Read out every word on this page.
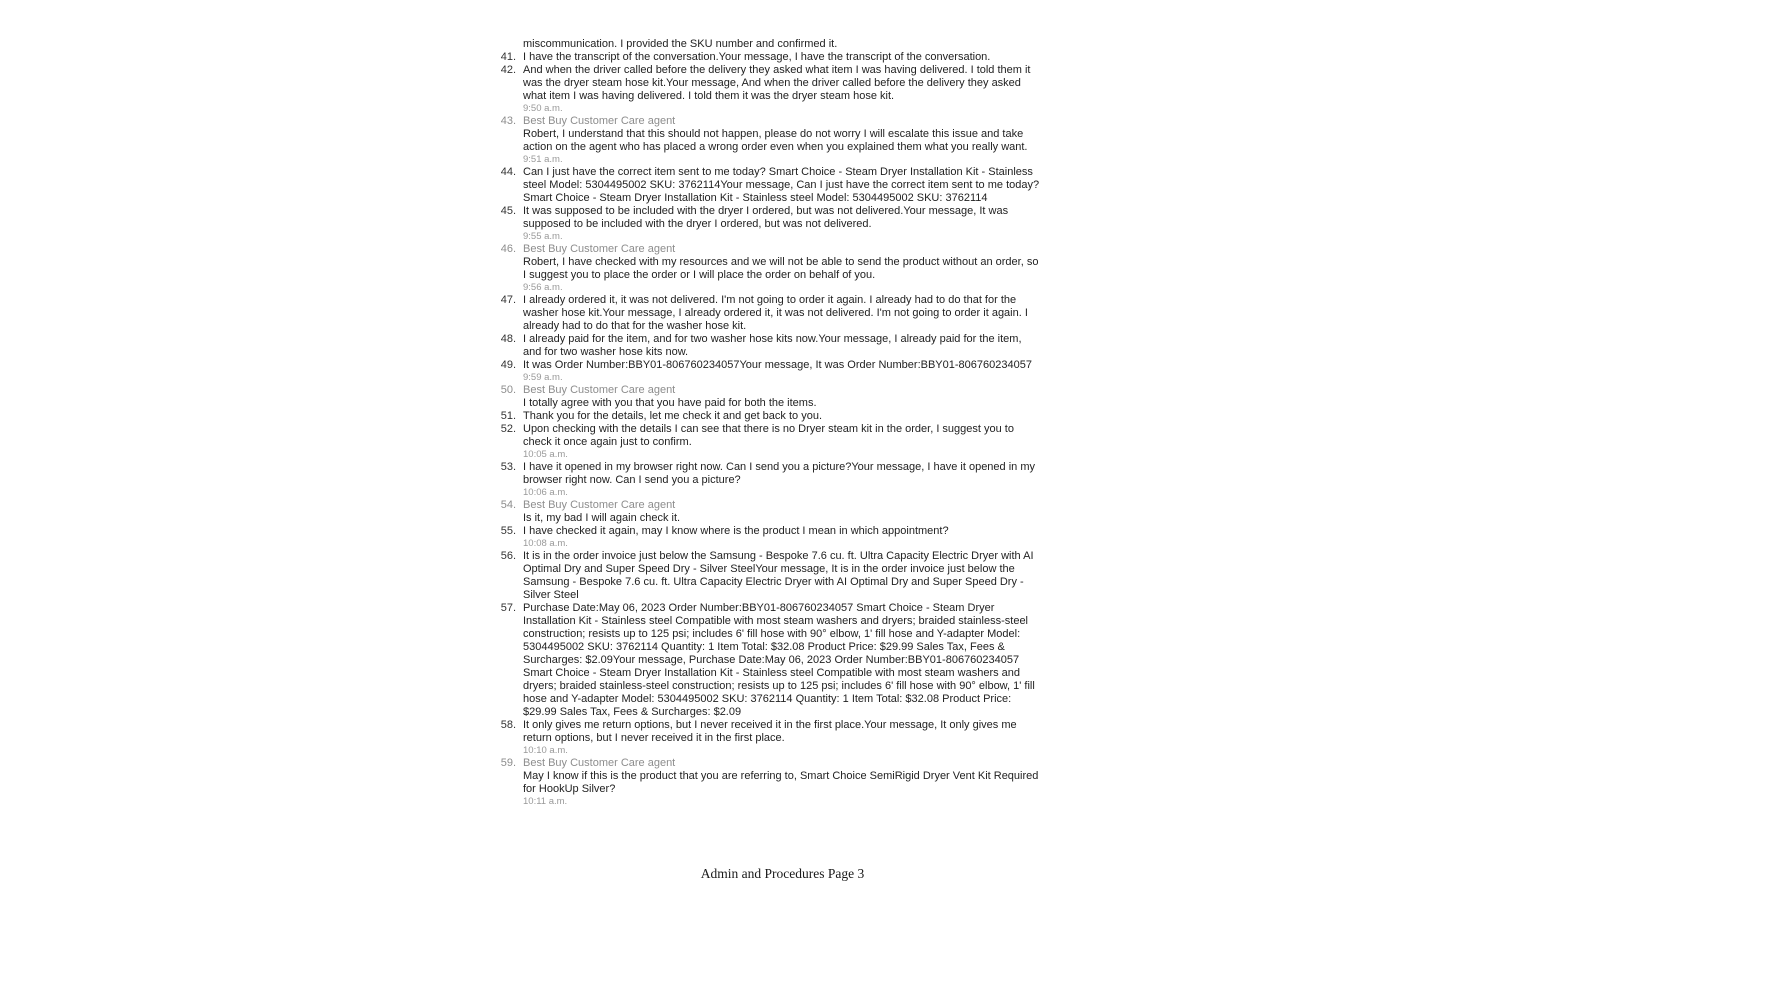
miscommunication. I provided the SKU number and confirmed it.

41. I have the transcript of the conversation.Your message, I have the transcript of the conversation.
42. And when the driver called before the delivery they asked what item I was having delivered. I told them it was the dryer steam hose kit.Your message, And when the driver called before the delivery they asked what item I was having delivered. I told them it was the dryer steam hose kit.
9:50 a.m.
43. Best Buy Customer Care agent
Robert, I understand that this should not happen, please do not worry I will escalate this issue and take action on the agent who has placed a wrong order even when you explained them what you really want.
9:51 a.m.
44. Can I just have the correct item sent to me today? Smart Choice - Steam Dryer Installation Kit - Stainless steel Model: 5304495002 SKU: 3762114Your message, Can I just have the correct item sent to me today? Smart Choice - Steam Dryer Installation Kit - Stainless steel Model: 5304495002 SKU: 3762114
45. It was supposed to be included with the dryer I ordered, but was not delivered.Your message, It was supposed to be included with the dryer I ordered, but was not delivered.
9:55 a.m.
46. Best Buy Customer Care agent
Robert, I have checked with my resources and we will not be able to send the product without an order, so I suggest you to place the order or I will place the order on behalf of you.
9:56 a.m.
47. I already ordered it, it was not delivered. I'm not going to order it again. I already had to do that for the washer hose kit.Your message, I already ordered it, it was not delivered. I'm not going to order it again. I already had to do that for the washer hose kit.
48. I already paid for the item, and for two washer hose kits now.Your message, I already paid for the item, and for two washer hose kits now.
49. It was Order Number:BBY01-806760234057Your message, It was Order Number:BBY01-806760234057
9:59 a.m.
50. Best Buy Customer Care agent
I totally agree with you that you have paid for both the items.
51. Thank you for the details, let me check it and get back to you.
52. Upon checking with the details I can see that there is no Dryer steam kit in the order, I suggest you to check it once again just to confirm.
10:05 a.m.
53. I have it opened in my browser right now. Can I send you a picture?Your message, I have it opened in my browser right now. Can I send you a picture?
10:06 a.m.
54. Best Buy Customer Care agent
Is it, my bad I will again check it.
55. I have checked it again, may I know where is the product I mean in which appointment?
10:08 a.m.
56. It is in the order invoice just below the Samsung - Bespoke 7.6 cu. ft. Ultra Capacity Electric Dryer with AI Optimal Dry and Super Speed Dry - Silver SteelYour message, It is in the order invoice just below the Samsung - Bespoke 7.6 cu. ft. Ultra Capacity Electric Dryer with AI Optimal Dry and Super Speed Dry - Silver Steel
57. Purchase Date:May 06, 2023 Order Number:BBY01-806760234057 Smart Choice - Steam Dryer Installation Kit - Stainless steel Compatible with most steam washers and dryers; braided stainless-steel construction; resists up to 125 psi; includes 6' fill hose with 90° elbow, 1' fill hose and Y-adapter Model: 5304495002 SKU: 3762114 Quantity: 1 Item Total: $32.08 Product Price: $29.99 Sales Tax, Fees & Surcharges: $2.09Your message, Purchase Date:May 06, 2023 Order Number:BBY01-806760234057 Smart Choice - Steam Dryer Installation Kit - Stainless steel Compatible with most steam washers and dryers; braided stainless-steel construction; resists up to 125 psi; includes 6' fill hose with 90° elbow, 1' fill hose and Y-adapter Model: 5304495002 SKU: 3762114 Quantity: 1 Item Total: $32.08 Product Price: $29.99 Sales Tax, Fees & Surcharges: $2.09
58. It only gives me return options, but I never received it in the first place.Your message, It only gives me return options, but I never received it in the first place.
10:10 a.m.
59. Best Buy Customer Care agent
May I know if this is the product that you are referring to, Smart Choice SemiRigid Dryer Vent Kit Required for HookUp Silver?
10:11 a.m.
Admin and Procedures Page 3
